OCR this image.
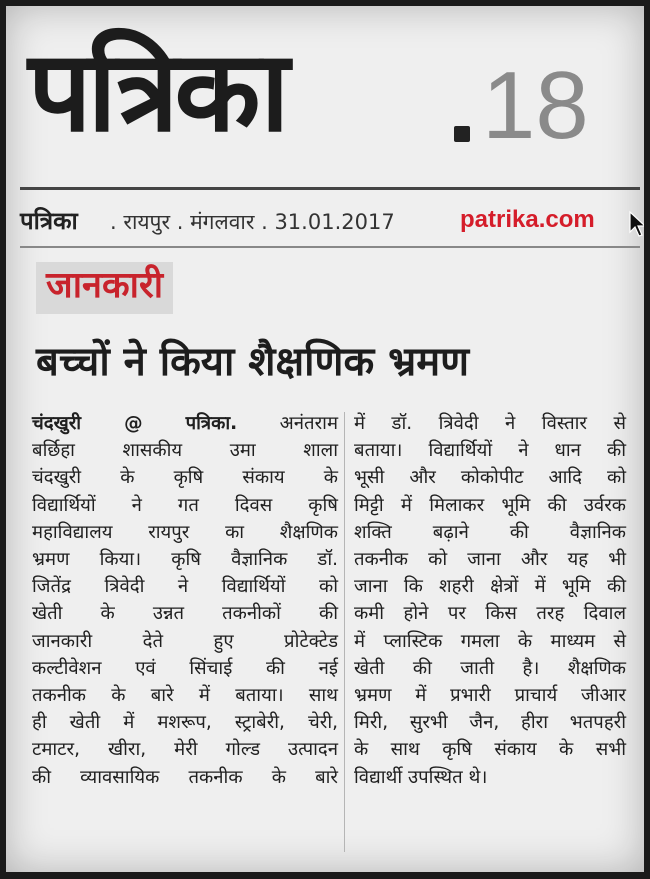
पत्रिका 18
पत्रिका . रायपुर . मंगलवार . 31.01.2017	patrika.com
जानकारी
बच्चों ने किया शैक्षणिक भ्रमण
चंदखुरी @ पत्रिका. अनंतराम
बर्छिहा शासकीय उमा शाला
चंदखुरी के कृषि संकाय के
विद्यार्थियों ने गत दिवस कृषि
महाविद्यालय रायपुर का शैक्षणिक
भ्रमण किया। कृषि वैज्ञानिक डॉ.
जितेंद्र त्रिवेदी ने विद्यार्थियों को
खेती के उन्नत तकनीकों की
जानकारी देते हुए प्रोटेक्टेड
कल्टीवेशन एवं सिंचाई की नई
तकनीक के बारे में बताया। साथ
ही खेती में मशरूप, स्ट्राबेरी, चेरी,
टमाटर, खीरा, मेरी गोल्ड उत्पादन
की व्यावसायिक तकनीक के बारे
में डॉ. त्रिवेदी ने विस्तार से
बताया। विद्यार्थियों ने धान की
भूसी और कोकोपीट आदि को
मिट्टी में मिलाकर भूमि की उर्वरक
शक्ति बढ़ाने की वैज्ञानिक
तकनीक को जाना और यह भी
जाना कि शहरी क्षेत्रों में भूमि की
कमी होने पर किस तरह दिवाल
में प्लास्टिक गमला के माध्यम से
खेती की जाती है। शैक्षणिक
भ्रमण में प्रभारी प्राचार्य जीआर
मिरी, सुरभी जैन, हीरा भतपहरी
के साथ कृषि संकाय के सभी
विद्यार्थी उपस्थित थे।
